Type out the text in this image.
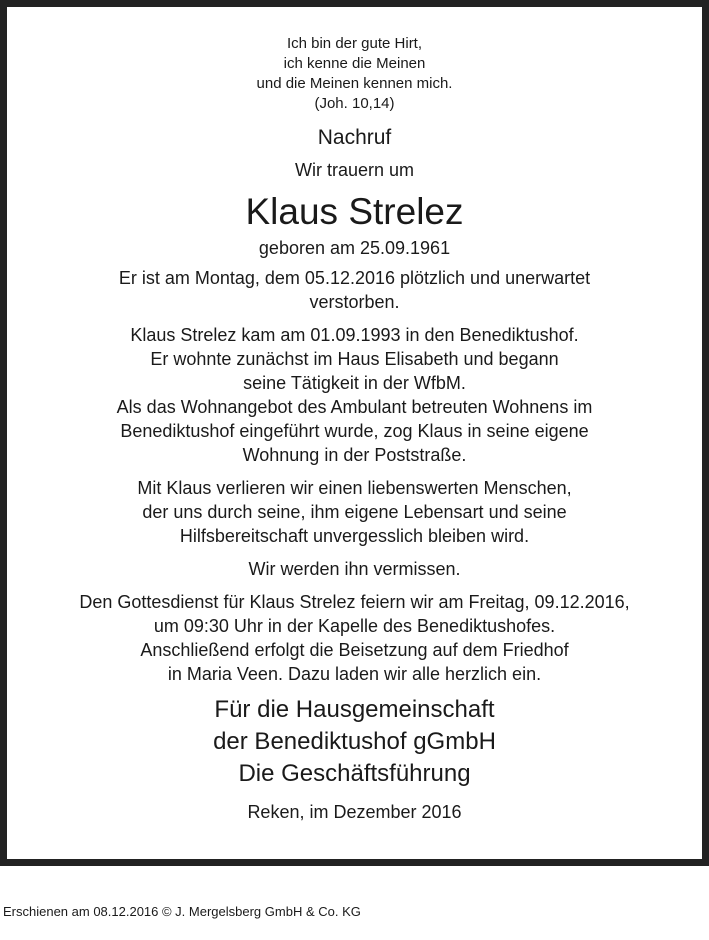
Ich bin der gute Hirt,
ich kenne die Meinen
und die Meinen kennen mich.
(Joh. 10,14)
Nachruf
Wir trauern um
Klaus Strelez
geboren am 25.09.1961
Er ist am Montag, dem 05.12.2016 plötzlich und unerwartet
verstorben.
Klaus Strelez kam am 01.09.1993 in den Benediktushof.
Er wohnte zunächst im Haus Elisabeth und begann
seine Tätigkeit in der WfbM.
Als das Wohnangebot des Ambulant betreuten Wohnens im
Benediktushof eingeführt wurde, zog Klaus in seine eigene
Wohnung in der Poststraße.
Mit Klaus verlieren wir einen liebenswerten Menschen,
der uns durch seine, ihm eigene Lebensart und seine
Hilfsbereitschaft unvergesslich bleiben wird.
Wir werden ihn vermissen.
Den Gottesdienst für Klaus Strelez feiern wir am Freitag, 09.12.2016,
um 09:30 Uhr in der Kapelle des Benediktushofes.
Anschließend erfolgt die Beisetzung auf dem Friedhof
in Maria Veen. Dazu laden wir alle herzlich ein.
Für die Hausgemeinschaft
der Benediktushof gGmbH
Die Geschäftsführung
Reken, im Dezember 2016
Erschienen am 08.12.2016 © J. Mergelsberg GmbH & Co. KG
